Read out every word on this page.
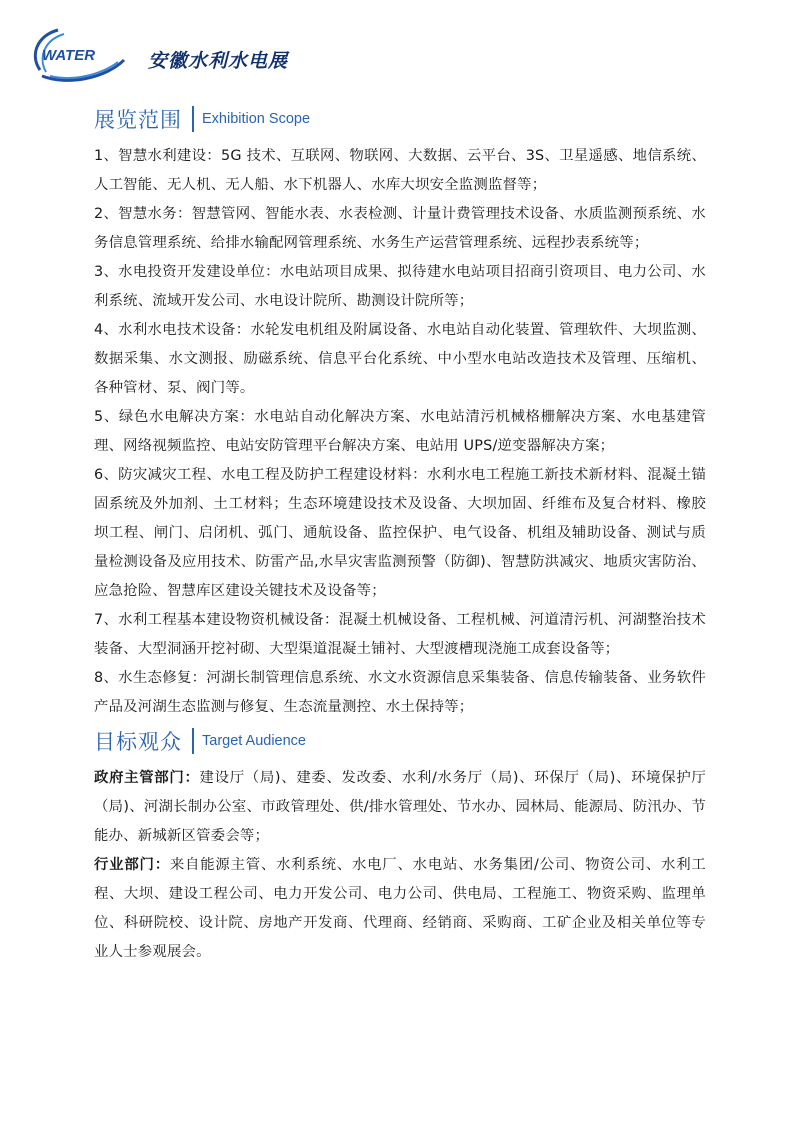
WATER	安徽水利水电展
展览范围 Exhibition Scope

1、智慧水利建设：5G 技术、互联网、物联网、大数据、云平台、3S、卫星遥感、地信系统、人工智能、无人机、无人船、水下机器人、水库大坝安全监测监督等；

2、智慧水务：智慧管网、智能水表、水表检测、计量计费管理技术设备、水质监测预系统、水务信息管理系统、给排水输配网管理系统、水务生产运营管理系统、远程抄表系统等；

3、水电投资开发建设单位：水电站项目成果、拟待建水电站项目招商引资项目、电力公司、水利系统、流域开发公司、水电设计院所、勘测设计院所等；

4、水利水电技术设备：水轮发电机组及附属设备、水电站自动化装置、管理软件、大坝监测、数据采集、水文测报、励磁系统、信息平台化系统、中小型水电站改造技术及管理、压缩机、各种管材、泵、阀门等。

5、绿色水电解决方案：水电站自动化解决方案、水电站清污机械格栅解决方案、水电基建管理、网络视频监控、电站安防管理平台解决方案、电站用 UPS/逆变器解决方案；

6、防灾减灾工程、水电工程及防护工程建设材料：水利水电工程施工新技术新材料、混凝土锚固系统及外加剂、土工材料；生态环境建设技术及设备、大坝加固、纤维布及复合材料、橡胶坝工程、闸门、启闭机、弧门、通航设备、监控保护、电气设备、机组及辅助设备、测试与质量检测设备及应用技术、防雷产品,水旱灾害监测预警（防御)、智慧防洪减灾、地质灾害防治、应急抢险、智慧库区建设关键技术及设备等；

7、水利工程基本建设物资机械设备：混凝土机械设备、工程机械、河道清污机、河湖整治技术装备、大型洞涵开挖衬砌、大型渠道混凝土铺衬、大型渡槽现浇施工成套设备等；

8、水生态修复：河湖长制管理信息系统、水文水资源信息采集装备、信息传输装备、业务软件产品及河湖生态监测与修复、生态流量测控、水土保持等；

目标观众 Target Audience

政府主管部门：建设厅（局)、建委、发改委、水利/水务厅（局)、环保厅（局)、环境保护厅（局)、河湖长制办公室、市政管理处、供/排水管理处、节水办、园林局、能源局、防汛办、节能办、新城新区管委会等；

行业部门：来自能源主管、水利系统、水电厂、水电站、水务集团/公司、物资公司、水利工程、大坝、建设工程公司、电力开发公司、电力公司、供电局、工程施工、物资采购、监理单位、科研院校、设计院、房地产开发商、代理商、经销商、采购商、工矿企业及相关单位等专业人士参观展会。
